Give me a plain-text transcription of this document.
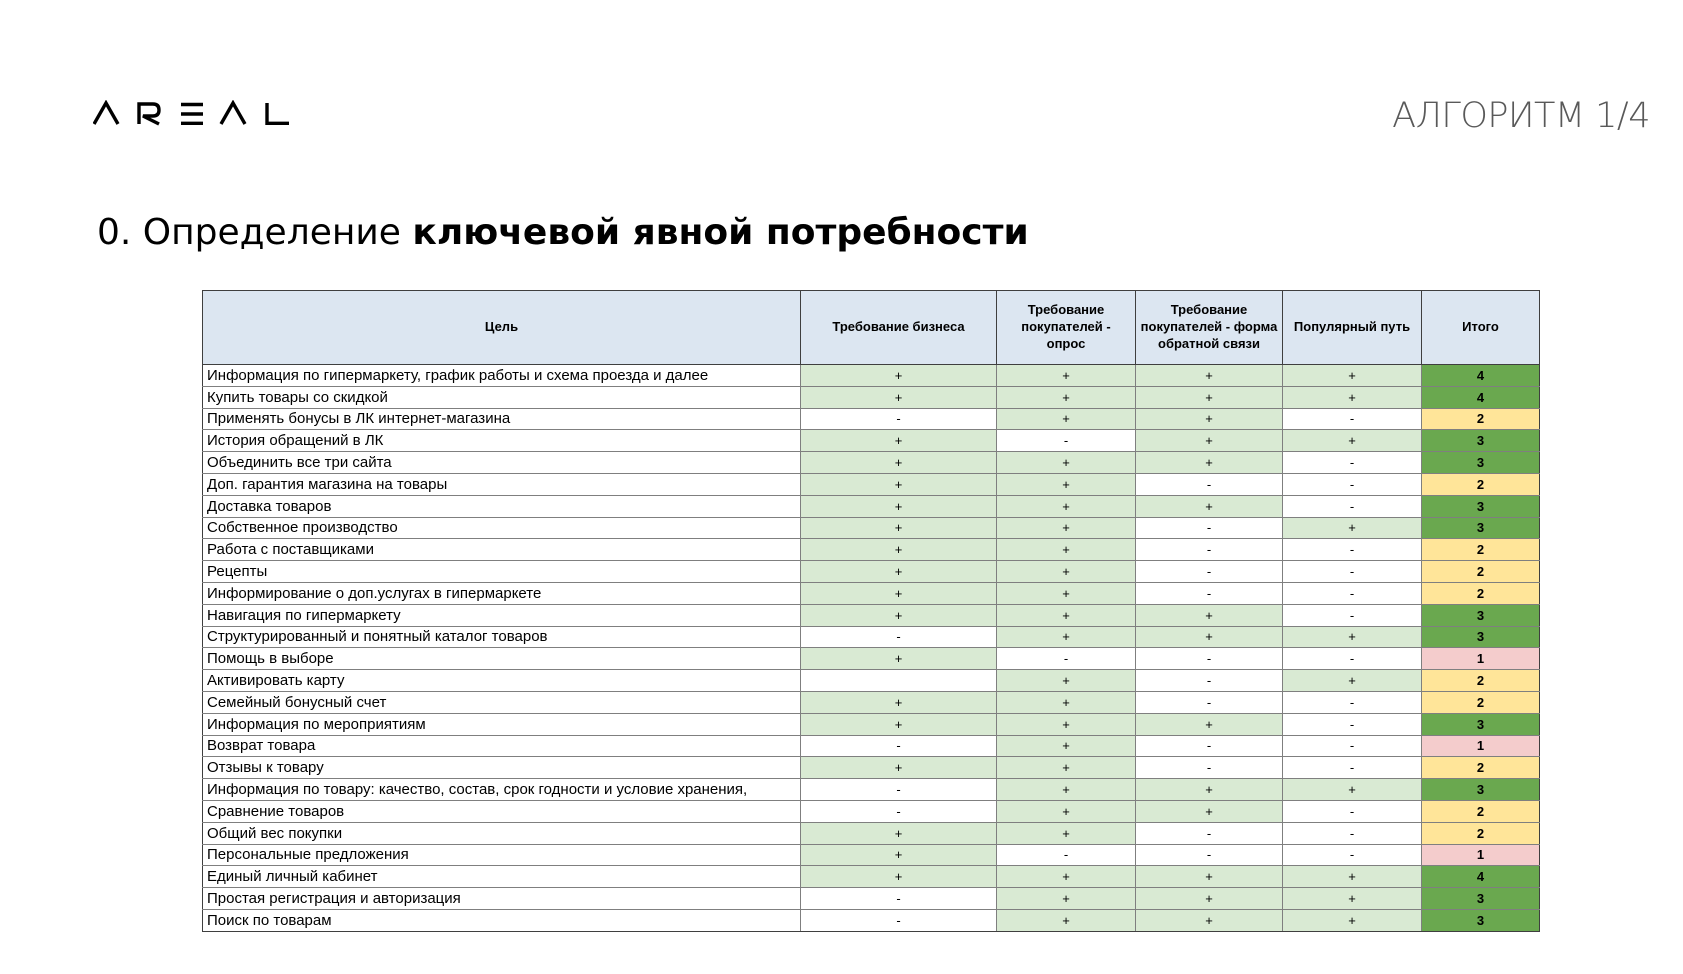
АЛГОРИТМ 1/4
0. Определение ключевой явной потребности
Цель	Требование бизнеса	Требование покупателей - опрос	Требование покупателей - форма обратной связи	Популярный путь	Итого
Информация по гипермаркету, график работы и схема проезда и далее	+	+	+	+	4
Купить товары со скидкой	+	+	+	+	4
Применять бонусы в ЛК интернет-магазина	-	+	+	-	2
История обращений в ЛК	+	-	+	+	3
Объединить все три сайта	+	+	+	-	3
Доп. гарантия магазина на товары	+	+	-	-	2
Доставка товаров	+	+	+	-	3
Собственное производство	+	+	-	+	3
Работа с поставщиками	+	+	-	-	2
Рецепты	+	+	-	-	2
Информирование о доп.услугах в гипермаркете	+	+	-	-	2
Навигация по гипермаркету	+	+	+	-	3
Структурированный и понятный каталог товаров	-	+	+	+	3
Помощь в выборе	+	-	-	-	1
Активировать карту		+	-	+	2
Семейный бонусный счет	+	+	-	-	2
Информация по мероприятиям	+	+	+	-	3
Возврат товара	-	+	-	-	1
Отзывы к товару	+	+	-	-	2
Информация по товару: качество, состав, срок годности и условие хранения,	-	+	+	+	3
Сравнение товаров	-	+	+	-	2
Общий вес покупки	+	+	-	-	2
Персональные предложения	+	-	-	-	1
Единый личный кабинет	+	+	+	+	4
Простая регистрация и авторизация	-	+	+	+	3
Поиск по товарам	-	+	+	+	3
